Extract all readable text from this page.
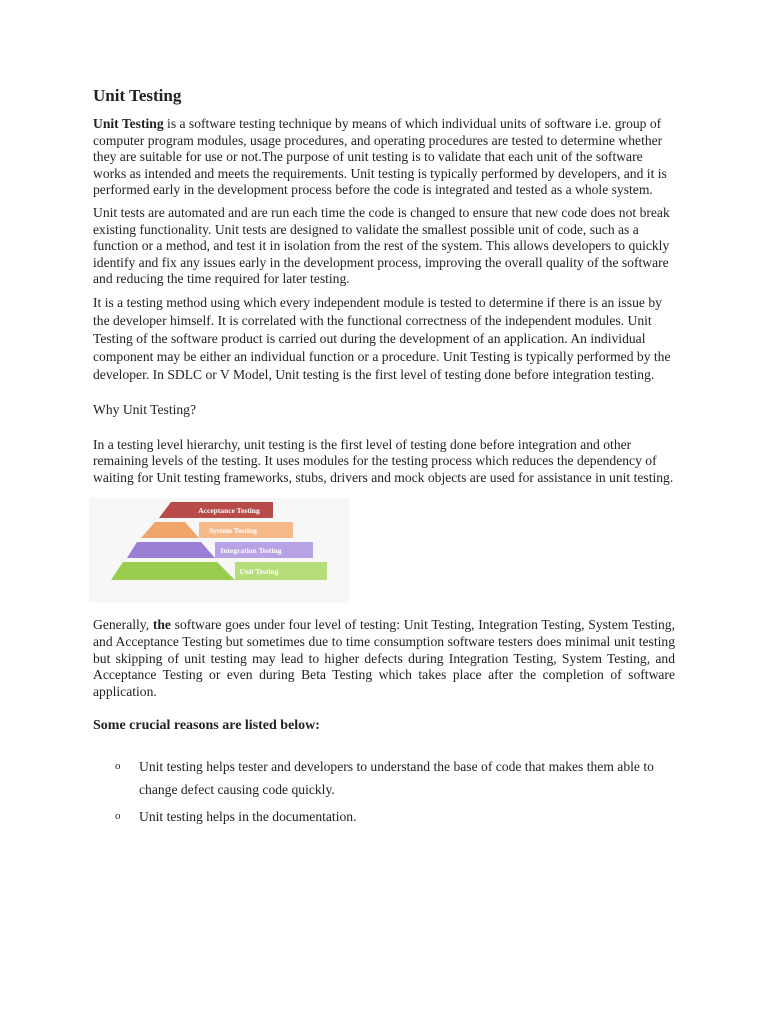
Unit Testing

Unit Testing is a software testing technique by means of which individual units of software i.e. group of computer program modules, usage procedures, and operating procedures are tested to determine whether they are suitable for use or not.The purpose of unit testing is to validate that each unit of the software works as intended and meets the requirements. Unit testing is typically performed by developers, and it is performed early in the development process before the code is integrated and tested as a whole system.

Unit tests are automated and are run each time the code is changed to ensure that new code does not break existing functionality. Unit tests are designed to validate the smallest possible unit of code, such as a function or a method, and test it in isolation from the rest of the system. This allows developers to quickly identify and fix any issues early in the development process, improving the overall quality of the software and reducing the time required for later testing.

It is a testing method using which every independent module is tested to determine if there is an issue by the developer himself. It is correlated with the functional correctness of the independent modules. Unit Testing of the software product is carried out during the development of an application. An individual component may be either an individual function or a procedure. Unit Testing is typically performed by the developer. In SDLC or V Model, Unit testing is the first level of testing done before integration testing.

Why Unit Testing?

In a testing level hierarchy, unit testing is the first level of testing done before integration and other remaining levels of the testing. It uses modules for the testing process which reduces the dependency of waiting for Unit testing frameworks, stubs, drivers and mock objects are used for assistance in unit testing.

Acceptance Testing
System Testing
Integration Testing
Unit Testing

Generally, the software goes under four level of testing: Unit Testing, Integration Testing, System Testing, and Acceptance Testing but sometimes due to time consumption software testers does minimal unit testing but skipping of unit testing may lead to higher defects during Integration Testing, System Testing, and Acceptance Testing or even during Beta Testing which takes place after the completion of software application.

Some crucial reasons are listed below:

o Unit testing helps tester and developers to understand the base of code that makes them able to change defect causing code quickly.
o Unit testing helps in the documentation.
